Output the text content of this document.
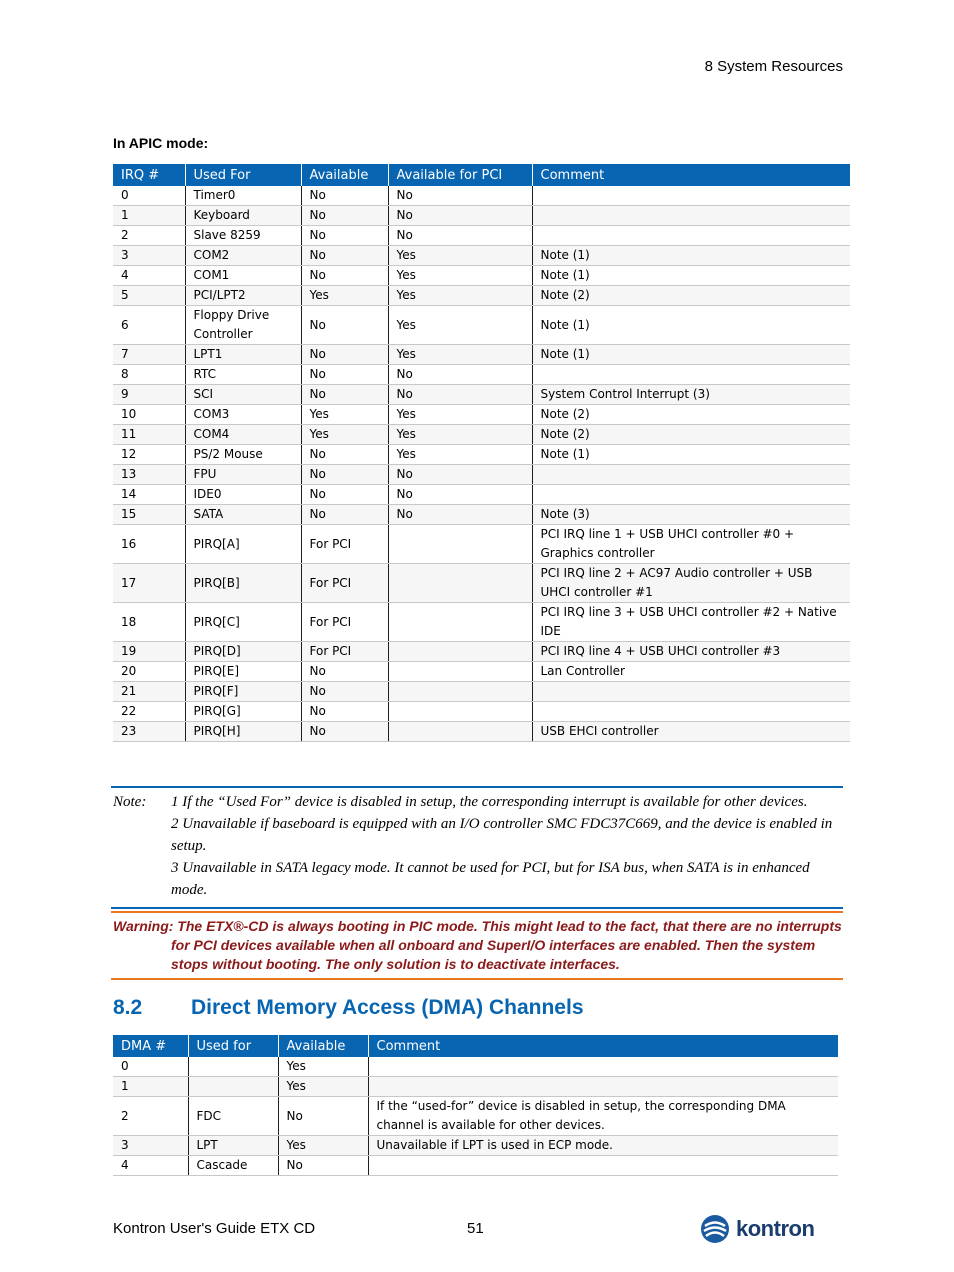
8 System Resources
In APIC mode:
IRQ #	Used For	Available	Available for PCI	Comment
0	Timer0	No	No	
1	Keyboard	No	No	
2	Slave 8259	No	No	
3	COM2	No	Yes	Note (1)
4	COM1	No	Yes	Note (1)
5	PCI/LPT2	Yes	Yes	Note (2)
6	Floppy Drive Controller	No	Yes	Note (1)
7	LPT1	No	Yes	Note (1)
8	RTC	No	No	
9	SCI	No	No	System Control Interrupt (3)
10	COM3	Yes	Yes	Note (2)
11	COM4	Yes	Yes	Note (2)
12	PS/2 Mouse	No	Yes	Note (1)
13	FPU	No	No	
14	IDE0	No	No	
15	SATA	No	No	Note (3)
16	PIRQ[A]	For PCI		PCI IRQ line 1 + USB UHCI controller #0 + Graphics controller
17	PIRQ[B]	For PCI		PCI IRQ line 2 + AC97 Audio controller + USB UHCI controller #1
18	PIRQ[C]	For PCI		PCI IRQ line 3 + USB UHCI controller #2 + Native IDE
19	PIRQ[D]	For PCI		PCI IRQ line 4 + USB UHCI controller #3
20	PIRQ[E]	No		Lan Controller
21	PIRQ[F]	No		
22	PIRQ[G]	No		
23	PIRQ[H]	No		USB EHCI controller
Note: 1 If the “Used For” device is disabled in setup, the corresponding interrupt is available for other devices.
2 Unavailable if baseboard is equipped with an I/O controller SMC FDC37C669, and the device is enabled in setup.
3 Unavailable in SATA legacy mode. It cannot be used for PCI, but for ISA bus, when SATA is in enhanced mode.
Warning: The ETX®-CD is always booting in PIC mode. This might lead to the fact, that there are no interrupts for PCI devices available when all onboard and SuperI/O interfaces are enabled. Then the system stops without booting. The only solution is to deactivate interfaces.
8.2 Direct Memory Access (DMA) Channels
DMA #	Used for	Available	Comment
0		Yes	
1		Yes	
2	FDC	No	If the “used-for” device is disabled in setup, the corresponding DMA channel is available for other devices.
3	LPT	Yes	Unavailable if LPT is used in ECP mode.
4	Cascade	No	
Kontron User's Guide ETX CD	51	kontron
